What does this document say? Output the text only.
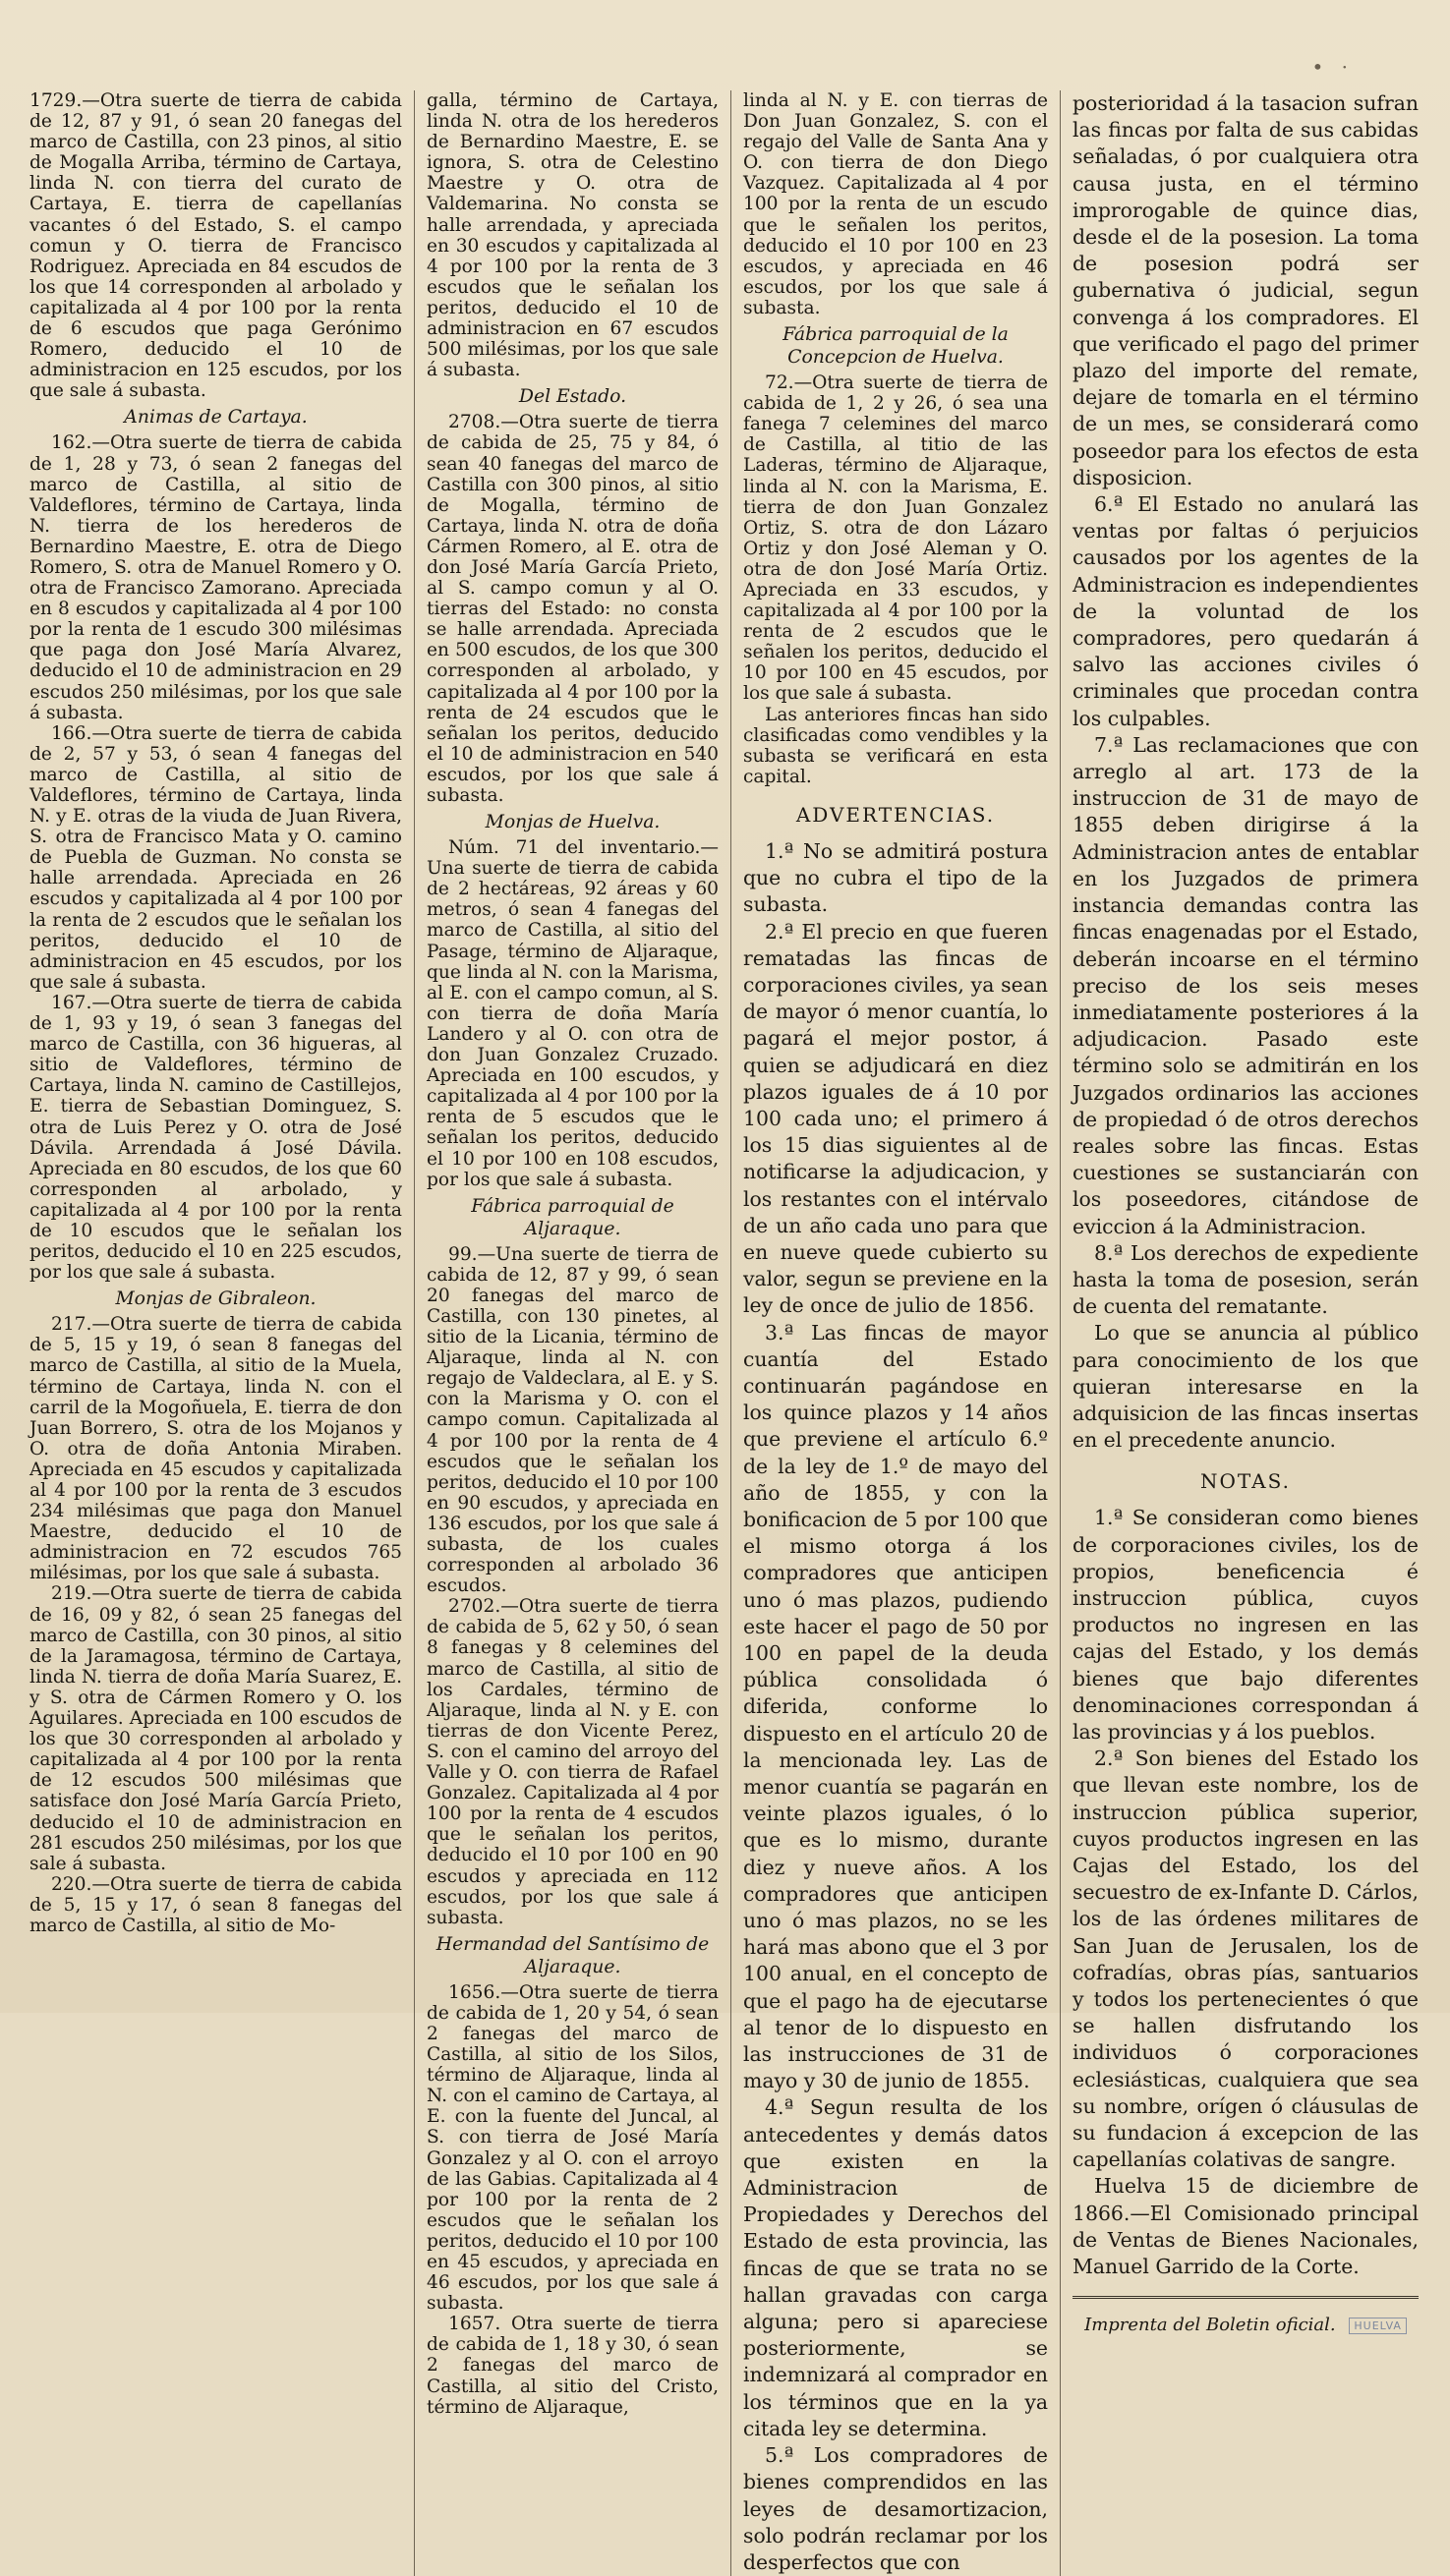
• ·

1729.—Otra suerte de tierra de cabida de 12, 87 y 91, ó sean 20 fanegas del marco de Castilla, con 23 pinos, al sitio de Mogalla Arriba, término de Cartaya, linda N. con tierra del curato de Cartaya, E. tierra de capellanías vacantes ó del Estado, S. el campo comun y O. tierra de Francisco Rodriguez. Apreciada en 84 escudos de los que 14 corresponden al arbolado y capitalizada al 4 por 100 por la renta de 6 escudos que paga Gerónimo Romero, deducido el 10 de administracion en 125 escudos, por los que sale á subasta.

Animas de Cartaya.

162.—Otra suerte de tierra de cabida de 1, 28 y 73, ó sean 2 fanegas del marco de Castilla, al sitio de Valdeflores, término de Cartaya, linda N. tierra de los herederos de Bernardino Maestre, E. otra de Diego Romero, S. otra de Manuel Romero y O. otra de Francisco Zamorano. Apreciada en 8 escudos y capitalizada al 4 por 100 por la renta de 1 escudo 300 milésimas que paga don José María Alvarez, deducido el 10 de administracion en 29 escudos 250 milésimas, por los que sale á subasta.

166.—Otra suerte de tierra de cabida de 2, 57 y 53, ó sean 4 fanegas del marco de Castilla, al sitio de Valdeflores, término de Cartaya, linda N. y E. otras de la viuda de Juan Rivera, S. otra de Francisco Mata y O. camino de Puebla de Guzman. No consta se halle arrendada. Apreciada en 26 escudos y capitalizada al 4 por 100 por la renta de 2 escudos que le señalan los peritos, deducido el 10 de administracion en 45 escudos, por los que sale á subasta.

167.—Otra suerte de tierra de cabida de 1, 93 y 19, ó sean 3 fanegas del marco de Castilla, con 36 higueras, al sitio de Valdeflores, término de Cartaya, linda N. camino de Castillejos, E. tierra de Sebastian Dominguez, S. otra de Luis Perez y O. otra de José Dávila. Arrendada á José Dávila. Apreciada en 80 escudos, de los que 60 corresponden al arbolado, y capitalizada al 4 por 100 por la renta de 10 escudos que le señalan los peritos, deducido el 10 en 225 escudos, por los que sale á subasta.

Monjas de Gibraleon.

217.—Otra suerte de tierra de cabida de 5, 15 y 19, ó sean 8 fanegas del marco de Castilla, al sitio de la Muela, término de Cartaya, linda N. con el carril de la Mogoñuela, E. tierra de don Juan Borrero, S. otra de los Mojanos y O. otra de doña Antonia Miraben. Apreciada en 45 escudos y capitalizada al 4 por 100 por la renta de 3 escudos 234 milésimas que paga don Manuel Maestre, deducido el 10 de administracion en 72 escudos 765 milésimas, por los que sale á subasta.

219.—Otra suerte de tierra de cabida de 16, 09 y 82, ó sean 25 fanegas del marco de Castilla, con 30 pinos, al sitio de la Jaramagosa, término de Cartaya, linda N. tierra de doña María Suarez, E. y S. otra de Cármen Romero y O. los Aguilares. Apreciada en 100 escudos de los que 30 corresponden al arbolado y capitalizada al 4 por 100 por la renta de 12 escudos 500 milésimas que satisface don José María García Prieto, deducido el 10 de administracion en 281 escudos 250 milésimas, por los que sale á subasta.

220.—Otra suerte de tierra de cabida de 5, 15 y 17, ó sean 8 fanegas del marco de Castilla, al sitio de Mo-

galla, término de Cartaya, linda N. otra de los herederos de Bernardino Maestre, E. se ignora, S. otra de Celestino Maestre y O. otra de Valdemarina. No consta se halle arrendada, y apreciada en 30 escudos y capitalizada al 4 por 100 por la renta de 3 escudos que le señalan los peritos, deducido el 10 de administracion en 67 escudos 500 milésimas, por los que sale á subasta.

Del Estado.

2708.—Otra suerte de tierra de cabida de 25, 75 y 84, ó sean 40 fanegas del marco de Castilla con 300 pinos, al sitio de Mogalla, término de Cartaya, linda N. otra de doña Cármen Romero, al E. otra de don José María García Prieto, al S. campo comun y al O. tierras del Estado: no consta se halle arrendada. Apreciada en 500 escudos, de los que 300 corresponden al arbolado, y capitalizada al 4 por 100 por la renta de 24 escudos que le señalan los peritos, deducido el 10 de administracion en 540 escudos, por los que sale á subasta.

Monjas de Huelva.

Núm. 71 del inventario.—Una suerte de tierra de cabida de 2 hectáreas, 92 áreas y 60 metros, ó sean 4 fanegas del marco de Castilla, al sitio del Pasage, término de Aljaraque, que linda al N. con la Marisma, al E. con el campo comun, al S. con tierra de doña María Landero y al O. con otra de don Juan Gonzalez Cruzado. Apreciada en 100 escudos, y capitalizada al 4 por 100 por la renta de 5 escudos que le señalan los peritos, deducido el 10 por 100 en 108 escudos, por los que sale á subasta.

Fábrica parroquial de Aljaraque.

99.—Una suerte de tierra de cabida de 12, 87 y 99, ó sean 20 fanegas del marco de Castilla, con 130 pinetes, al sitio de la Licania, término de Aljaraque, linda al N. con regajo de Valdeclara, al E. y S. con la Marisma y O. con el campo comun. Capitalizada al 4 por 100 por la renta de 4 escudos que le señalan los peritos, deducido el 10 por 100 en 90 escudos, y apreciada en 136 escudos, por los que sale á subasta, de los cuales corresponden al arbolado 36 escudos.

2702.—Otra suerte de tierra de cabida de 5, 62 y 50, ó sean 8 fanegas y 8 celemines del marco de Castilla, al sitio de los Cardales, término de Aljaraque, linda al N. y E. con tierras de don Vicente Perez, S. con el camino del arroyo del Valle y O. con tierra de Rafael Gonzalez. Capitalizada al 4 por 100 por la renta de 4 escudos que le señalan los peritos, deducido el 10 por 100 en 90 escudos y apreciada en 112 escudos, por los que sale á subasta.

Hermandad del Santísimo de Aljaraque.

1656.—Otra suerte de tierra de cabida de 1, 20 y 54, ó sean 2 fanegas del marco de Castilla, al sitio de los Silos, término de Aljaraque, linda al N. con el camino de Cartaya, al E. con la fuente del Juncal, al S. con tierra de José María Gonzalez y al O. con el arroyo de las Gabias. Capitalizada al 4 por 100 por la renta de 2 escudos que le señalan los peritos, deducido el 10 por 100 en 45 escudos, y apreciada en 46 escudos, por los que sale á subasta.

1657. Otra suerte de tierra de cabida de 1, 18 y 30, ó sean 2 fanegas del marco de Castilla, al sitio del Cristo, término de Aljaraque,

linda al N. y E. con tierras de Don Juan Gonzalez, S. con el regajo del Valle de Santa Ana y O. con tierra de don Diego Vazquez. Capitalizada al 4 por 100 por la renta de un escudo que le señalen los peritos, deducido el 10 por 100 en 23 escudos, y apreciada en 46 escudos, por los que sale á subasta.

Fábrica parroquial de la Concepcion de Huelva.

72.—Otra suerte de tierra de cabida de 1, 2 y 26, ó sea una fanega 7 celemines del marco de Castilla, al titio de las Laderas, término de Aljaraque, linda al N. con la Marisma, E. tierra de don Juan Gonzalez Ortiz, S. otra de don Lázaro Ortiz y don José Aleman y O. otra de don José María Ortiz. Apreciada en 33 escudos, y capitalizada al 4 por 100 por la renta de 2 escudos que le señalen los peritos, deducido el 10 por 100 en 45 escudos, por los que sale á subasta.

Las anteriores fincas han sido clasificadas como vendibles y la subasta se verificará en esta capital.

ADVERTENCIAS.

1.ª No se admitirá postura que no cubra el tipo de la subasta.

2.ª El precio en que fueren rematadas las fincas de corporaciones civiles, ya sean de mayor ó menor cuantía, lo pagará el mejor postor, á quien se adjudicará en diez plazos iguales de á 10 por 100 cada uno; el primero á los 15 dias siguientes al de notificarse la adjudicacion, y los restantes con el intérvalo de un año cada uno para que en nueve quede cubierto su valor, segun se previene en la ley de once de julio de 1856.

3.ª Las fincas de mayor cuantía del Estado continuarán pagándose en los quince plazos y 14 años que previene el artículo 6.º de la ley de 1.º de mayo del año de 1855, y con la bonificacion de 5 por 100 que el mismo otorga á los compradores que anticipen uno ó mas plazos, pudiendo este hacer el pago de 50 por 100 en papel de la deuda pública consolidada ó diferida, conforme lo dispuesto en el artículo 20 de la mencionada ley. Las de menor cuantía se pagarán en veinte plazos iguales, ó lo que es lo mismo, durante diez y nueve años. A los compradores que anticipen uno ó mas plazos, no se les hará mas abono que el 3 por 100 anual, en el concepto de que el pago ha de ejecutarse al tenor de lo dispuesto en las instrucciones de 31 de mayo y 30 de junio de 1855.

4.ª Segun resulta de los antecedentes y demás datos que existen en la Administracion de Propiedades y Derechos del Estado de esta provincia, las fincas de que se trata no se hallan gravadas con carga alguna; pero si apareciese posteriormente, se indemnizará al comprador en los términos que en la ya citada ley se determina.

5.ª Los compradores de bienes comprendidos en las leyes de desamortizacion, solo podrán reclamar por los desperfectos que con

posterioridad á la tasacion sufran las fincas por falta de sus cabidas señaladas, ó por cualquiera otra causa justa, en el término improrogable de quince dias, desde el de la posesion. La toma de posesion podrá ser gubernativa ó judicial, segun convenga á los compradores. El que verificado el pago del primer plazo del importe del remate, dejare de tomarla en el término de un mes, se considerará como poseedor para los efectos de esta disposicion.

6.ª El Estado no anulará las ventas por faltas ó perjuicios causados por los agentes de la Administracion es independientes de la voluntad de los compradores, pero quedarán á salvo las acciones civiles ó criminales que procedan contra los culpables.

7.ª Las reclamaciones que con arreglo al art. 173 de la instruccion de 31 de mayo de 1855 deben dirigirse á la Administracion antes de entablar en los Juzgados de primera instancia demandas contra las fincas enagenadas por el Estado, deberán incoarse en el término preciso de los seis meses inmediatamente posteriores á la adjudicacion. Pasado este término solo se admitirán en los Juzgados ordinarios las acciones de propiedad ó de otros derechos reales sobre las fincas. Estas cuestiones se sustanciarán con los poseedores, citándose de eviccion á la Administracion.

8.ª Los derechos de expediente hasta la toma de posesion, serán de cuenta del rematante.

Lo que se anuncia al público para conocimiento de los que quieran interesarse en la adquisicion de las fincas insertas en el precedente anuncio.

NOTAS.

1.ª Se consideran como bienes de corporaciones civiles, los de propios, beneficencia é instruccion pública, cuyos productos no ingresen en las cajas del Estado, y los demás bienes que bajo diferentes denominaciones correspondan á las provincias y á los pueblos.

2.ª Son bienes del Estado los que llevan este nombre, los de instruccion pública superior, cuyos productos ingresen en las Cajas del Estado, los del secuestro de ex-Infante D. Cárlos, los de las órdenes militares de San Juan de Jerusalen, los de cofradías, obras pías, santuarios y todos los pertenecientes ó que se hallen disfrutando los individuos ó corporaciones eclesiásticas, cualquiera que sea su nombre, orígen ó cláusulas de su fundacion á excepcion de las capellanías colativas de sangre.

Huelva 15 de diciembre de 1866.—El Comisionado principal de Ventas de Bienes Nacionales, Manuel Garrido de la Corte.

Imprenta del Boletin oficial. HUELVA
